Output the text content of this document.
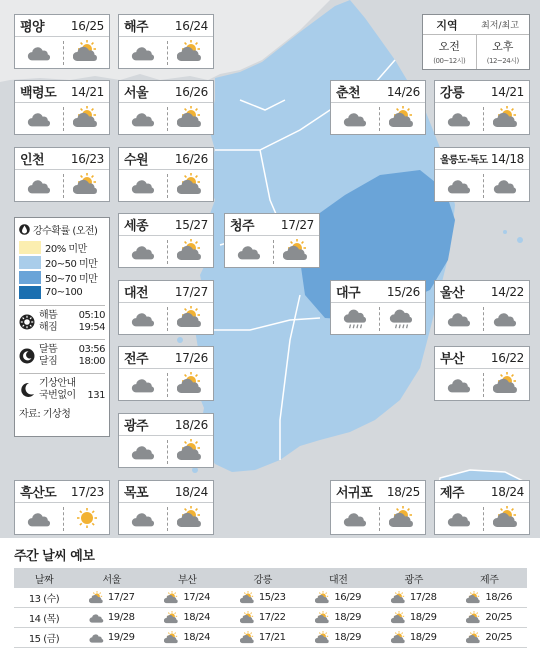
평양 16/25 해주 16/24
백령도 14/21 서울 16/26	춘천 14/26 강릉 14/21
인천 16/23 수원 16/26	울릉도·독도 14/18
세종 15/27 청주 17/27
대전 17/27	대구 15/26 울산 14/22
전주 17/26	부산 16/22
광주 18/26
흑산도 17/23 목포 18/24	서귀포 18/25 제주 18/24
지역	최저/최고
오전
(00~12시)
오후
(12~24시)
강수확률 (오전)
20% 미만
20~50 미만
50~70 미만
70~100
해뜸 05:10
해짐 19:54
달뜸 03:56
달짐 18:00
기상안내
국번없이 131
자료: 기상청
주간 날씨 예보
날짜	서울	부산	강릉	대전	광주	제주
13 (수)	17/27	17/24	15/23	16/29	17/28	18/26
14 (목)	19/28	18/24	17/22	18/29	18/29	20/25
15 (금)	19/29	18/24	17/21	18/29	18/29	20/25
